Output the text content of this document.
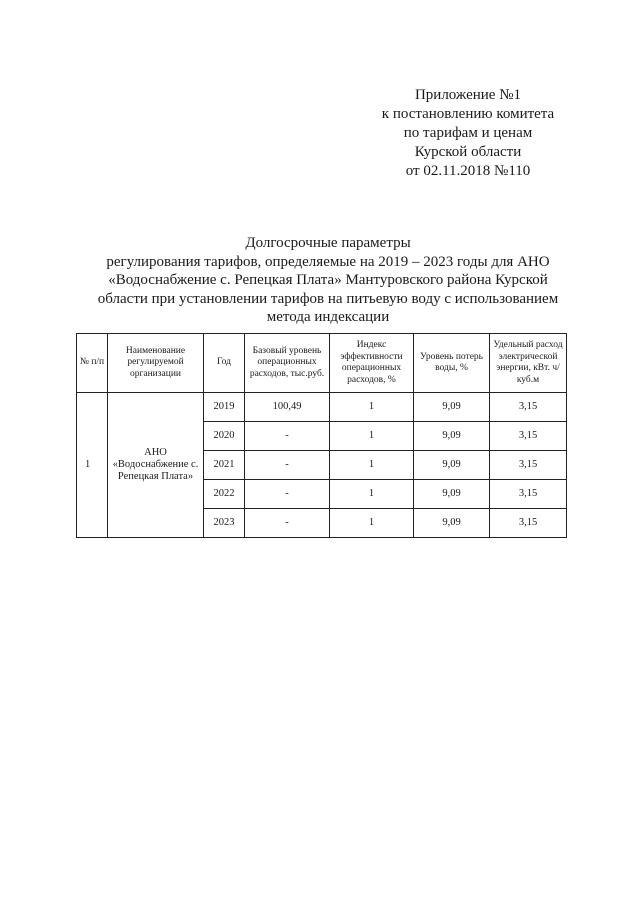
Приложение №1
к постановлению комитета
по тарифам и ценам
Курской области
от 02.11.2018 №110
Долгосрочные параметры
регулирования тарифов, определяемые на 2019 – 2023 годы для АНО
«Водоснабжение с. Репецкая Плата» Мантуровского района Курской
области при установлении тарифов на питьевую воду с использованием
метода индексации
№ п/п	Наименование регулируемой организации	Год	Базовый уровень операционных расходов, тыс.руб.	Индекс эффективности операционных расходов, %	Уровень потерь воды, %	Удельный расход электрической энергии, кВт. ч/куб.м
1	АНО «Водоснабжение с. Репецкая Плата»	2019	100,49	1	9,09	3,15
		2020	-	1	9,09	3,15
		2021	-	1	9,09	3,15
		2022	-	1	9,09	3,15
		2023	-	1	9,09	3,15
